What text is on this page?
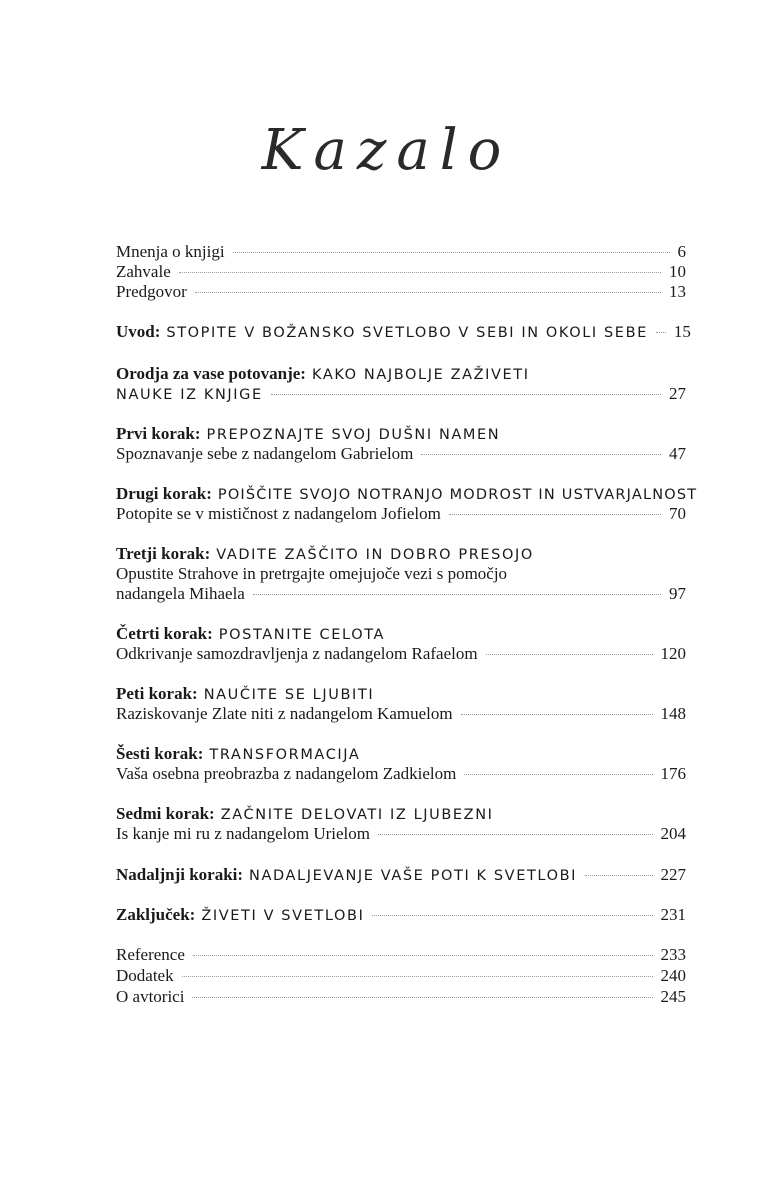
Kazalo
Mnenja o knjigi	6
Zahvale	10
Predgovor	13
Uvod: STOPITE V BOŽANSKO SVETLOBO V SEBI IN OKOLI SEBE 15
Orodja za vase potovanje: KAKO NAJBOLJE ZAŽIVETI
NAUKE IZ KNJIGE	27
Prvi korak: PREPOZNAJTE SVOJ DUŠNI NAMEN
Spoznavanje sebe z nadangelom Gabrielom	47
Drugi korak: POIŠČITE SVOJO NOTRANJO MODROST IN USTVARJALNOST
Potopite se v mističnost z nadangelom Jofielom	70
Tretji korak: VADITE ZAŠČITO IN DOBRO PRESOJO
Opustite Strahove in pretrgajte omejujoče vezi s pomočjo
nadangela Mihaela	97
Četrti korak: POSTANITE CELOTA
Odkrivanje samozdravljenja z nadangelom Rafaelom	120
Peti korak: NAUČITE SE LJUBITI
Raziskovanje Zlate niti z nadangelom Kamuelom	148
Šesti korak: TRANSFORMACIJA
Vaša osebna preobrazba z nadangelom Zadkielom	176
Sedmi korak: ZAČNITE DELOVATI IZ LJUBEZNI
Is kanje mi ru z nadangelom Urielom	204
Nadaljnji koraki: NADALJEVANJE VAŠE POTI K SVETLOBI	227
Zaključek: ŽIVETI V SVETLOBI	231
Reference	233
Dodatek	240
O avtorici	245
